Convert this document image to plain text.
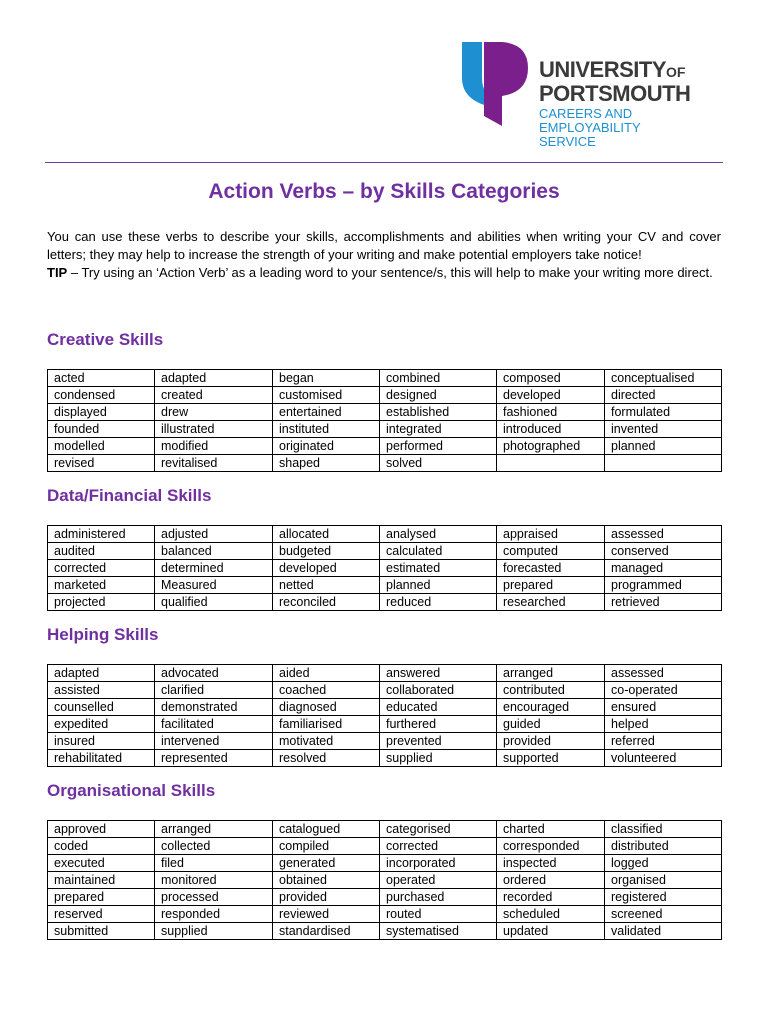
UNIVERSITYOF
PORTSMOUTH
CAREERS AND
EMPLOYABILITY
SERVICE
Action Verbs – by Skills Categories

You can use these verbs to describe your skills, accomplishments and abilities when writing your CV and cover letters; they may help to increase the strength of your writing and make potential employers take notice!

TIP – Try using an ‘Action Verb’ as a leading word to your sentence/s, this will help to make your writing more direct.

Creative Skills
acted	adapted	began	combined	composed	conceptualised
condensed	created	customised	designed	developed	directed
displayed	drew	entertained	established	fashioned	formulated
founded	illustrated	instituted	integrated	introduced	invented
modelled	modified	originated	performed	photographed	planned
revised	revitalised	shaped	solved		
Data/Financial Skills
administered	adjusted	allocated	analysed	appraised	assessed
audited	balanced	budgeted	calculated	computed	conserved
corrected	determined	developed	estimated	forecasted	managed
marketed	Measured	netted	planned	prepared	programmed
projected	qualified	reconciled	reduced	researched	retrieved
Helping Skills
adapted	advocated	aided	answered	arranged	assessed
assisted	clarified	coached	collaborated	contributed	co-operated
counselled	demonstrated	diagnosed	educated	encouraged	ensured
expedited	facilitated	familiarised	furthered	guided	helped
insured	intervened	motivated	prevented	provided	referred
rehabilitated	represented	resolved	supplied	supported	volunteered
Organisational Skills
approved	arranged	catalogued	categorised	charted	classified
coded	collected	compiled	corrected	corresponded	distributed
executed	filed	generated	incorporated	inspected	logged
maintained	monitored	obtained	operated	ordered	organised
prepared	processed	provided	purchased	recorded	registered
reserved	responded	reviewed	routed	scheduled	screened
submitted	supplied	standardised	systematised	updated	validated
